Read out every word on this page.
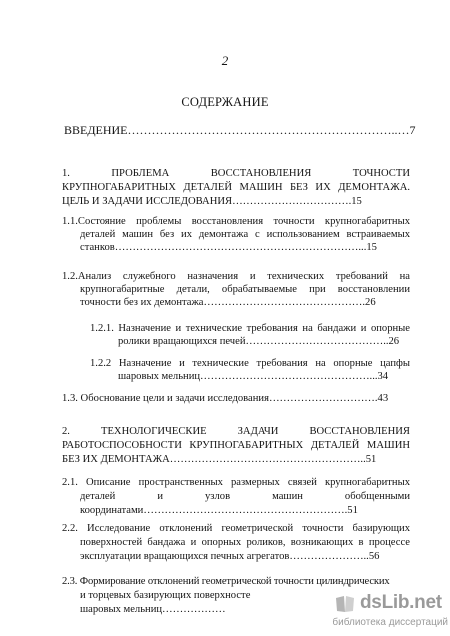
2
СОДЕРЖАНИЕ
ВВЕДЕНИЕ…………………………………………………………..…7
1. ПРОБЛЕМА ВОССТАНОВЛЕНИЯ ТОЧНОСТИ
КРУПНОГАБАРИТНЫХ ДЕТАЛЕЙ МАШИН БЕЗ ИХ ДЕМОНТАЖА.
ЦЕЛЬ И ЗАДАЧИ ИССЛЕДОВАНИЯ…………………………….15
1.1.Состояние проблемы восстановления точности крупногабаритных
деталей машин без их демонтажа с использованием встраиваемых
станков……………………………………………………………...15
1.2.Анализ служебного назначения и технических требований на
крупногабаритные детали, обрабатываемые при восстановлении
точности без их демонтажа……………………………………….26
1.2.1. Назначение и технические требования на бандажи и опорные
ролики вращающихся печей…………………………………..26
1.2.2 Назначение и технические требования на опорные цапфы
шаровых мельниц…………………………………………...34
1.3. Обоснование цели и задачи исследования………………………….43
2. ТЕХНОЛОГИЧЕСКИЕ ЗАДАЧИ ВОССТАНОВЛЕНИЯ
РАБОТОСПОСОБНОСТИ КРУПНОГАБАРИТНЫХ ДЕТАЛЕЙ МАШИН
БЕЗ ИХ ДЕМОНТАЖА………………………………………………..51
2.1. Описание пространственных размерных связей крупногабаритных
деталей и узлов машин обобщенными
координатами………………………………………………….51
2.2. Исследование отклонений геометрической точности базирующих
поверхностей бандажа и опорных роликов, возникающих в процессе
эксплуатации вращающихся печных агрегатов…………………..56
2.3. Формирование отклонений геометрической точности цилиндрических
и торцевых базирующих поверхносте
шаровых мельниц………………	dsLib.net
библиотека диссертаций
